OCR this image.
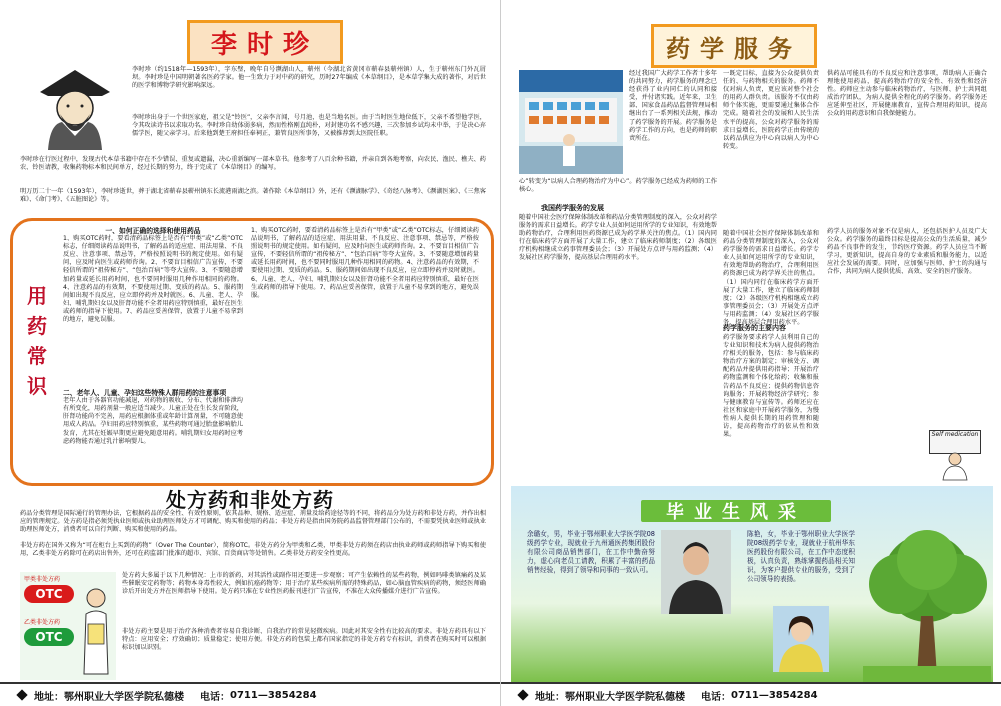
李时珍
李时珍（约1518年—1593年），字东璧，晚年自号濒湖山人，蕲州（今湖北省黄冈市蕲春县蕲州镇）人，生于蕲州东门外瓦屑坝。李时珍是中国明朝著名医药学家。他一生致力于对中药的研究，历时27年编成《本草纲目》，是本草学集大成的著作，对后世的医学和博物学研究影响深远。
李时珍出身于一个世医家庭，祖父是“铃医”，父亲李言闻，号月池，也是当地名医。由于当时医生地位低下，父亲不希望他学医，令其攻读诗书以求取功名。李时珍自幼体弱多病，然而性格刚直纯朴，对封建功名不感兴趣，三次参加乡试均未中举，于是决心弃儒学医，随父亲学习。后来他到楚王府担任奉祠正，兼管良医所事务，又被推荐到太医院任职。
李时珍在行医过程中，发现古代本草书籍中存在不少错误、重复或遗漏，决心重新编写一部本草书。他参考了八百余种书籍，并亲自到各地考察，向农民、渔民、樵夫、药农、铃医请教，收集药物标本和民间单方，经过长期的努力，终于完成了《本草纲目》的编写。
明万历二十一年（1593年），李时珍逝世，葬于湖北省蕲春县蕲州镇东长流港雨湖之滨。著作除《本草纲目》外，还有《濒湖脉学》、《奇经八脉考》、《濒湖医案》、《三焦客难》、《命门考》、《五脏图论》等。
用药常识
一、如何正确的选择和使用药品
1、购买OTC药时，要看清药品标签上是否有“甲类”或“乙类”OTC标志，仔细阅读药品说明书，了解药品的适应症、用法用量、不良反应、注意事项、禁忌等，严格按照说明书的规定使用。如有疑问，应及时向医生或药师咨询。2、不要盲目相信广告宣传，不要轻信所谓的“祖传秘方”、“包治百病”等夸大宣传。3、不要随意增加药量或延长用药时间，也不要同时服用几种作用相同的药物。4、注意药品的有效期，不要使用过期、变质的药品。5、服药期间如出现不良反应，应立即停药并及时就医。6、儿童、老人、孕妇、哺乳期妇女以及肝肾功能不全者用药应特别慎重，最好在医生或药师的指导下使用。7、药品应妥善保管，放置于儿童不易拿到的地方，避免误服。
二、老年人、儿童、孕妇这些特殊人群用药的注意事项
老年人由于各器官功能减退，对药物的吸收、分布、代谢和排泄均有所变化，用药剂量一般应适当减少。儿童正处在生长发育阶段，肝肾功能尚不完善，用药应根据体重或年龄计算剂量，不可随意使用成人药品。孕妇用药应特别慎重，某些药物可通过胎盘影响胎儿发育，尤其在妊娠早期更应避免随意用药。哺乳期妇女用药时应考虑药物能否通过乳汁影响婴儿。
1、购买OTC药时，要看清药品标签上是否有“甲类”或“乙类”OTC标志，仔细阅读药品说明书，了解药品的适应症、用法用量、不良反应、注意事项、禁忌等，严格按照说明书的规定使用。如有疑问，应及时向医生或药师咨询。2、不要盲目相信广告宣传，不要轻信所谓的“祖传秘方”、“包治百病”等夸大宣传。3、不要随意增加药量或延长用药时间，也不要同时服用几种作用相同的药物。4、注意药品的有效期，不要使用过期、变质的药品。5、服药期间如出现不良反应，应立即停药并及时就医。6、儿童、老人、孕妇、哺乳期妇女以及肝肾功能不全者用药应特别慎重，最好在医生或药师的指导下使用。7、药品应妥善保管，放置于儿童不易拿到的地方，避免误服。
处方药和非处方药
药品分类管理是国际通行的管理办法，它根据药品的安全性、有效性原则，依其品种、规格、适应症、剂量及给药途径等的不同，将药品分为处方药和非处方药，并作出相应的管理规定。处方药是指必须凭执业医师或执业助理医师处方才可调配、购买和使用的药品；非处方药是指由国务院药品监督管理部门公布的，不需要凭执业医师或执业助理医师处方，消费者可以自行判断、购买和使用的药品。
非处方药在国外又称为“可在柜台上买到的药物”（Over The Counter），简称OTC。非处方药分为甲类和乙类，甲类非处方药须在药店由执业药师或药师指导下购买和使用，乙类非处方药除可在药店出售外，还可在药监部门批准的超市、宾馆、百货商店等处销售。乙类非处方药安全性更高。
甲类非处方药
OTC
乙类非处方药
OTC
处方药大多属于以下几种情况：上市的新药，对其活性或副作用还要进一步观察；可产生依赖性的某些药物，例如吗啡类镇痛药及某些催眠安定药物等；药物本身毒性较大，例如抗癌药物等；用于治疗某些疾病所需的特殊药品，如心脑血管疾病的药物，须经医师确诊后开出处方并在医师指导下使用。处方药只准在专业性医药报刊进行广告宣传，不准在大众传播媒介进行广告宣传。
非处方药主要是用于治疗各种消费者容易自我诊断、自我治疗的常见轻微疾病。因此对其安全性有比较高的要求。非处方药具有以下特点：应用安全；疗效确切；质量稳定；使用方便。非处方药的包装上都有国家指定的非处方药专有标识，消费者在购买时可以根据标识加以识别。
地址： 鄂州职业大学医学院私德楼 电话： 0711—3854284
药学服务
经过我国广大药学工作者十多年的共同努力，药学服务的理念已经获得了业内同仁的认同和接受，并付诸实践。近年来，卫生部、国家食品药品监督管理局相继出台了一系列相关法规，推动了药学服务的开展。药学服务是药学工作的方向，也是药师的职责所在。
心”转变为“以病人合理药物治疗为中心”。药学服务已经成为药师的工作核心。
一既定目标，直接为公众提供负责任的、与药物相关的服务。药师不仅对病人负责，更应该对整个社会的用药人群负责。该服务不仅由药师个体实施，更需要通过集体合作完成。随着社会的发展和人民生活水平的提高，公众对药学服务的需求日益增长，医院药学正由传统的以药品供应为中心向以病人为中心转变。
供药品可能具有的不良反应和注意事项，帮助病人正确合理地使用药品，提高药物治疗的安全性、有效性和经济性。药师应主动参与临床药物治疗，与医师、护士共同组成治疗团队，为病人提供全程化的药学服务。药学服务还应延伸至社区，开展健康教育，宣传合理用药知识，提高公众的用药意识和自我保健能力。
我国药学服务的发展
随着中国社会医疗保障体制改革和药品分类管理制度的深入，公众对药学服务的需求日益增长。药学专业人员如何运用所学的专业知识，有效地帮助药物治疗，合理利用医药资源已成为药学界关注的焦点。（1）国内同行在临床药学方面开展了大量工作，建立了临床药师制度；（2）各级医疗机构相继成立药事管理委员会；（3）开展处方点评与用药监测；（4）发展社区药学服务，提高基层合理用药水平。
随着中国社会医疗保障体制改革和药品分类管理制度的深入，公众对药学服务的需求日益增长。药学专业人员如何运用所学的专业知识，有效地帮助药物治疗，合理利用医药资源已成为药学界关注的焦点。（1）国内同行在临床药学方面开展了大量工作，建立了临床药师制度；（2）各级医疗机构相继成立药事管理委员会；（3）开展处方点评与用药监测；（4）发展社区药学服务，提高基层合理用药水平。
药学服务的主要内容
药学服务要求药学人员利用自己的专业知识和技术为病人提供药物治疗相关的服务，包括：参与临床药物治疗方案的制定；审核处方、调配药品并提供用药指导；开展治疗药物监测和个体化给药；收集和报告药品不良反应；提供药物信息咨询服务；开展药物经济学研究；参与健康教育与宣传等。药师还应在社区和家庭中开展药学服务，为慢性病人提供长期的用药管理和随访，提高药物治疗的依从性和效果。
药学人员的服务对象不仅是病人，还包括医护人员及广大公众。药学服务的最终目标是提高公众的生活质量，减少药品不良事件的发生，节约医疗资源。药学人员应当不断学习，更新知识，提高自身的专业素质和服务能力，以适应社会发展的需要。同时，应加强与医师、护士的沟通与合作，共同为病人提供优质、高效、安全的医疗服务。
Self medication
毕业生风采
余璐女，男，毕业于鄂州职业大学医学院08级药学专业，现就业于九州通医药集团股份有限公司商品销售部门，在工作中勤奋努力，虚心向老员工请教，积累了丰富的药品销售经验，得到了领导和同事的一致认可。
陈艳，女，毕业于鄂州职业大学医学院08级药学专业，现就业于杭州华东医药股份有限公司，在工作中态度积极，认真负责，熟练掌握药品相关知识，为客户提供专业的服务，受到了公司领导的表扬。
地址： 鄂州职业大学医学院私德楼 电话： 0711—3854284
